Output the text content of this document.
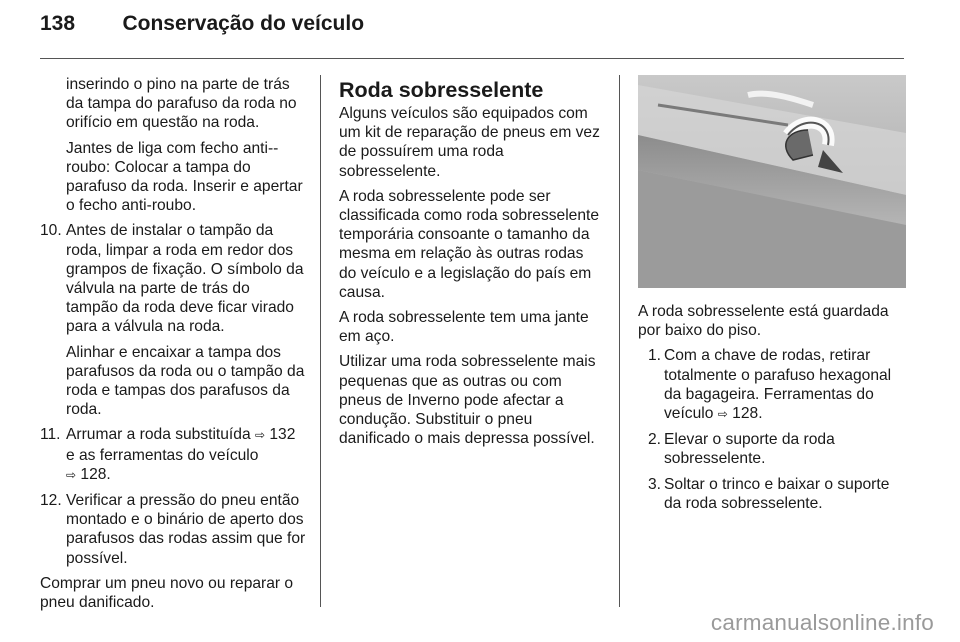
138 Conservação do veículo

inserindo o pino na parte de trás da tampa do parafuso da roda no orifício em questão na roda.

Jantes de liga com fecho anti-roubo: Colocar a tampa do parafuso da roda. Inserir e apertar o fecho anti-roubo.

10. Antes de instalar o tampão da roda, limpar a roda em redor dos grampos de fixação. O símbolo da válvula na parte de trás do tampão da roda deve ficar virado para a válvula na roda.
Alinhar e encaixar a tampa dos parafusos da roda ou o tampão da roda e tampas dos parafusos da roda.
11. Arrumar a roda substituída ⇨ 132
e as ferramentas do veículo
⇨ 128.
12. Verificar a pressão do pneu então montado e o binário de aperto dos parafusos das rodas assim que for possível.

Comprar um pneu novo ou reparar o pneu danificado.

Roda sobresselente

Alguns veículos são equipados com um kit de reparação de pneus em vez de possuírem uma roda sobresselente.

A roda sobresselente pode ser classificada como roda sobresselente temporária consoante o tamanho da mesma em relação às outras rodas do veículo e a legislação do país em causa.

A roda sobresselente tem uma jante em aço.

Utilizar uma roda sobresselente mais pequenas que as outras ou com pneus de Inverno pode afectar a condução. Substituir o pneu danificado o mais depressa possível.

A roda sobresselente está guardada por baixo do piso.

1. Com a chave de rodas, retirar totalmente o parafuso hexagonal da bagageira. Ferramentas do veículo ⇨ 128.
2. Elevar o suporte da roda sobresselente.
3. Soltar o trinco e baixar o suporte da roda sobresselente.
carmanualsonline.info
